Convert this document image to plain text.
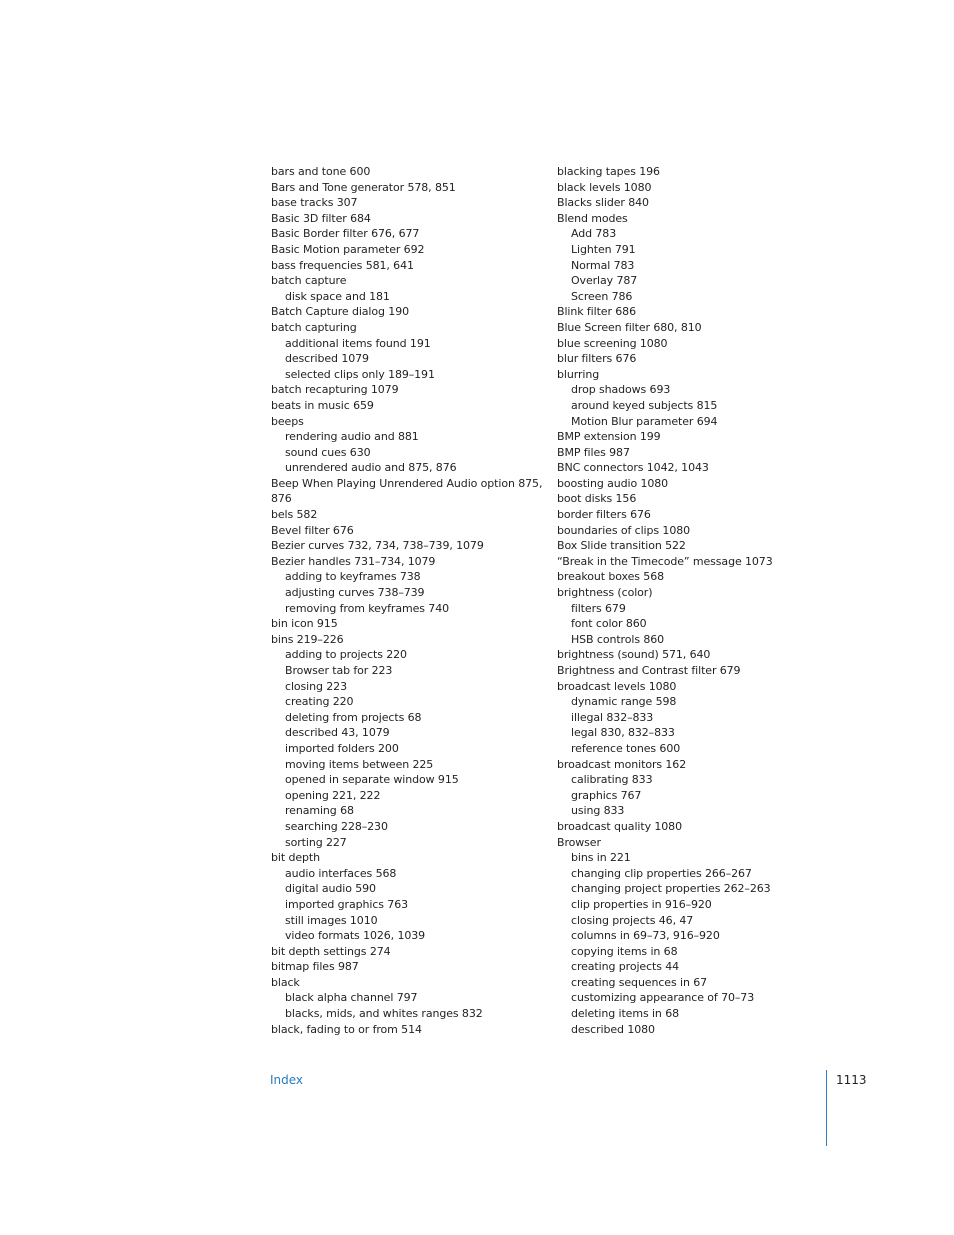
bars and tone 600
Bars and Tone generator 578, 851
base tracks 307
Basic 3D filter 684
Basic Border filter 676, 677
Basic Motion parameter 692
bass frequencies 581, 641
batch capture
disk space and 181
Batch Capture dialog 190
batch capturing
additional items found 191
described 1079
selected clips only 189–191
batch recapturing 1079
beats in music 659
beeps
rendering audio and 881
sound cues 630
unrendered audio and 875, 876
Beep When Playing Unrendered Audio option 875,
876
bels 582
Bevel filter 676
Bezier curves 732, 734, 738–739, 1079
Bezier handles 731–734, 1079
adding to keyframes 738
adjusting curves 738–739
removing from keyframes 740
bin icon 915
bins 219–226
adding to projects 220
Browser tab for 223
closing 223
creating 220
deleting from projects 68
described 43, 1079
imported folders 200
moving items between 225
opened in separate window 915
opening 221, 222
renaming 68
searching 228–230
sorting 227
bit depth
audio interfaces 568
digital audio 590
imported graphics 763
still images 1010
video formats 1026, 1039
bit depth settings 274
bitmap files 987
black
black alpha channel 797
blacks, mids, and whites ranges 832
black, fading to or from 514
blacking tapes 196
black levels 1080
Blacks slider 840
Blend modes
Add 783
Lighten 791
Normal 783
Overlay 787
Screen 786
Blink filter 686
Blue Screen filter 680, 810
blue screening 1080
blur filters 676
blurring
drop shadows 693
around keyed subjects 815
Motion Blur parameter 694
BMP extension 199
BMP files 987
BNC connectors 1042, 1043
boosting audio 1080
boot disks 156
border filters 676
boundaries of clips 1080
Box Slide transition 522
“Break in the Timecode” message 1073
breakout boxes 568
brightness (color)
filters 679
font color 860
HSB controls 860
brightness (sound) 571, 640
Brightness and Contrast filter 679
broadcast levels 1080
dynamic range 598
illegal 832–833
legal 830, 832–833
reference tones 600
broadcast monitors 162
calibrating 833
graphics 767
using 833
broadcast quality 1080
Browser
bins in 221
changing clip properties 266–267
changing project properties 262–263
clip properties in 916–920
closing projects 46, 47
columns in 69–73, 916–920
copying items in 68
creating projects 44
creating sequences in 67
customizing appearance of 70–73
deleting items in 68
described 1080
Index	1113
